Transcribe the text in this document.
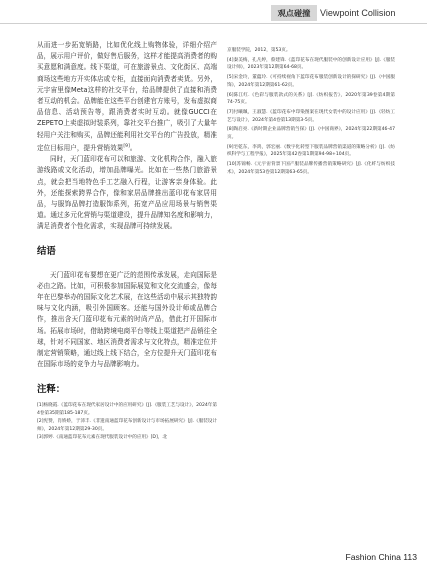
观点碰撞	Viewpoint Collision

从而进一步拓宽销路，比如优化线上购物体验，详细介绍产品，展示用户评价，做好售后服务，这样才能提高消费者的购买意愿和满意度。线下渠道，可在旅游景点、文化街区、高端商场这些地方开实体店或专柜，直接面向消费者卖货。另外，元宇宙里像Meta这样的社交平台，给品牌提供了直接和消费者互动的机会。品牌能在这些平台创建官方账号，发布虚拟商品信息、活动预告等，跟消费者实时互动。就像GUCCI在ZEPETO上卖虚拟时装系列，靠社交平台推广，吸引了大量年轻用户关注和购买，品牌还能利用社交平台的广告投放，精准定位目标用户，提升营销效果[9]。

同时，天门蓝印花布可以和旅游、文化机构合作，融入旅游线路或文化活动，增加品牌曝光。比如在一些热门旅游景点，就会把当地特色手工艺融入行程，让游客亲身体验。此外，还能探索跨界合作，像和家居品牌推出蓝印花布家居用品，与服饰品牌打造服饰系列，拓宽产品应用场景与销售渠道。通过多元化营销与渠道建设，提升品牌知名度和影响力，满足消费者个性化需求，实现品牌可持续发展。

结语

天门蓝印花布要想在更广泛的范围传承发展，走向国际是必由之路。比如，可积极参加国际展览和文化交流盛会，像每年在巴黎举办的国际文化艺术展，在这些活动中展示其独特韵味与文化内涵，吸引外国顾客。还能与国外设计师或品牌合作，推出含天门蓝印花布元素的时尚产品，借此打开国际市场。拓展市场时，借助跨境电商平台等线上渠道把产品销往全球，针对不同国家、地区消费者需求与文化特点，精准定位并制定营销策略，通过线上线下结合，全方位提升天门蓝印花布在国际市场的竞争力与品牌影响力。

注释：

[1]杨晓霞.《蓝印花布在现代家居设计中的应用研究》[J].《服装工艺与设计》，2024年第4卷第35期第185-187页。

[2]宪赞，肖娇娇，于沛丰.《非遗南通蓝印花布创新设计与市场拓展研究》[J].《服装设计师》，2024年第12期第29-30页。

[3]郭婷.《南通蓝印花布元素在现代服装设计中的应用》[D]，北

京服装学院，2012，第53页。

[4]秦美梅，孔凡婷，蔡建锋.《蓝印花布在现代服装中的创新设计应用》[J].《服装设计师》，2023年第12期第64-68页。

[5]宋金玲，董蕴玲.《可持续视角下蓝印花布服装创新设计的探研究》[J].《中国服饰》，2024年第12期第61-62页。

[6]陈江红.《色彩与服装款式的关系》[J].《纺织报告》，2020年第39卷第4期第74-75页。

[7]付曦珮，王淑慧.《蓝印花布中印染图案在现代女装中的设计应用》[J].《轻纺工艺与设计》，2024年第4卷第13期第3-5页。

[8]陶启亮.《新时期企业品牌营销刍探》[J].《中国商界》，2024年第22期第46-47页。

[9]宅乾东，李鸿，郭宏丽.《数字化转型下服装品牌营销渠道的策略分析》[J].《纺织科学与工程学报》，2025年第42卷第1期第94-98+104页。

[10]苏锦畅.《元宇宙背景下国产服装品牌传播营销策略研究》[J].《化纤与纺织技术》，2024年第53卷第12期第63-65页。

Fashion China 113
